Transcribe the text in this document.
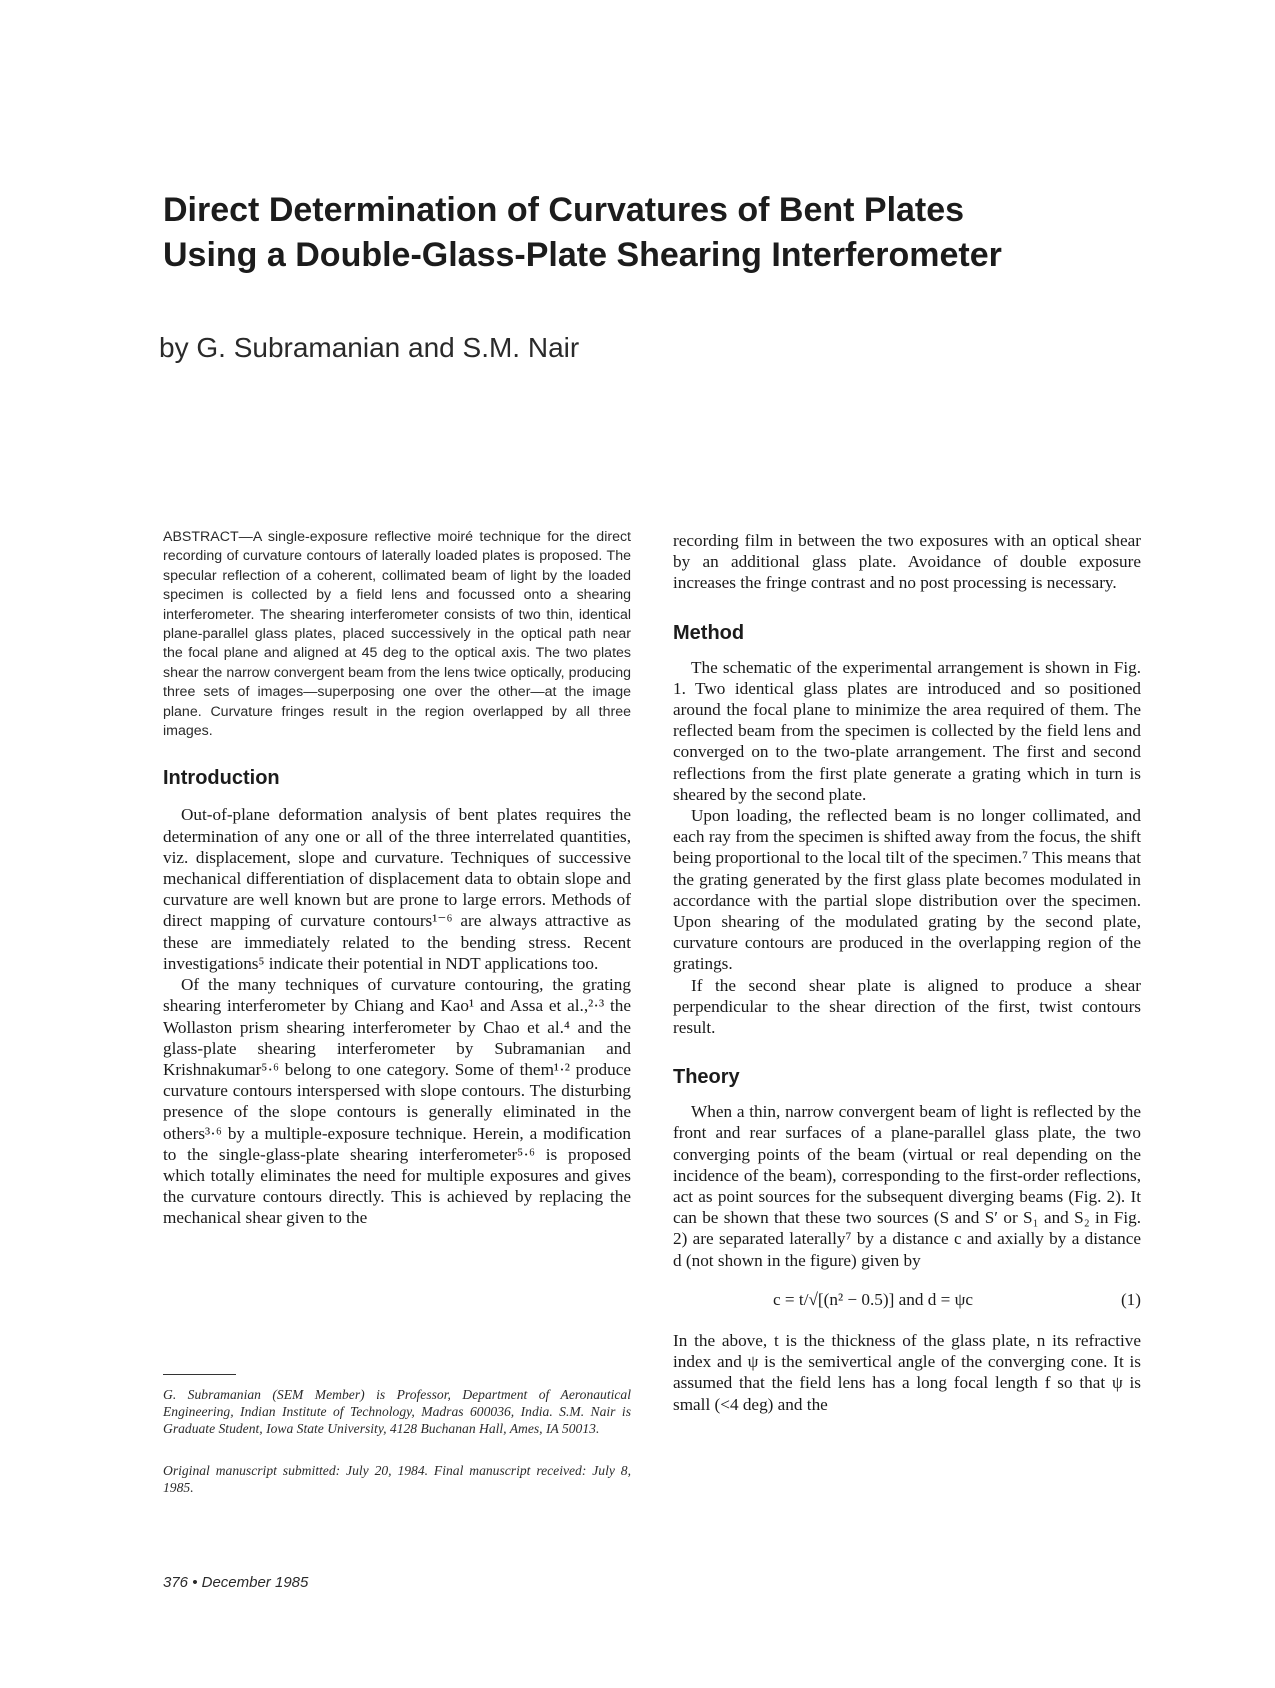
Direct Determination of Curvatures of Bent Plates
Using a Double-Glass-Plate Shearing Interferometer

by G. Subramanian and S.M. Nair

ABSTRACT—A single-exposure reflective moiré technique for the direct recording of curvature contours of laterally loaded plates is proposed. The specular reflection of a coherent, collimated beam of light by the loaded specimen is collected by a field lens and focussed onto a shearing interferometer. The shearing interferometer consists of two thin, identical plane-parallel glass plates, placed successively in the optical path near the focal plane and aligned at 45 deg to the optical axis. The two plates shear the narrow convergent beam from the lens twice optically, producing three sets of images—superposing one over the other—at the image plane. Curvature fringes result in the region overlapped by all three images.

Introduction

Out-of-plane deformation analysis of bent plates requires the determination of any one or all of the three interrelated quantities, viz. displacement, slope and curvature. Techniques of successive mechanical differentiation of displacement data to obtain slope and curvature are well known but are prone to large errors. Methods of direct mapping of curvature contours¹⁻⁶ are always attractive as these are immediately related to the bending stress. Recent investigations⁵ indicate their potential in NDT applications too.

Of the many techniques of curvature contouring, the grating shearing interferometer by Chiang and Kao¹ and Assa et al.,²·³ the Wollaston prism shearing interferometer by Chao et al.⁴ and the glass-plate shearing interferometer by Subramanian and Krishnakumar⁵·⁶ belong to one category. Some of them¹·² produce curvature contours interspersed with slope contours. The disturbing presence of the slope contours is generally eliminated in the others³·⁶ by a multiple-exposure technique. Herein, a modification to the single-glass-plate shearing interferometer⁵·⁶ is proposed which totally eliminates the need for multiple exposures and gives the curvature contours directly. This is achieved by replacing the mechanical shear given to the

G. Subramanian (SEM Member) is Professor, Department of Aeronautical Engineering, Indian Institute of Technology, Madras 600036, India. S.M. Nair is Graduate Student, Iowa State University, 4128 Buchanan Hall, Ames, IA 50013.

Original manuscript submitted: July 20, 1984. Final manuscript received: July 8, 1985.

recording film in between the two exposures with an optical shear by an additional glass plate. Avoidance of double exposure increases the fringe contrast and no post processing is necessary.

Method

The schematic of the experimental arrangement is shown in Fig. 1. Two identical glass plates are introduced and so positioned around the focal plane to minimize the area required of them. The reflected beam from the specimen is collected by the field lens and converged on to the two-plate arrangement. The first and second reflections from the first plate generate a grating which in turn is sheared by the second plate.

Upon loading, the reflected beam is no longer collimated, and each ray from the specimen is shifted away from the focus, the shift being proportional to the local tilt of the specimen.⁷ This means that the grating generated by the first glass plate becomes modulated in accordance with the partial slope distribution over the specimen. Upon shearing of the modulated grating by the second plate, curvature contours are produced in the overlapping region of the gratings.

If the second shear plate is aligned to produce a shear perpendicular to the shear direction of the first, twist contours result.

Theory

When a thin, narrow convergent beam of light is reflected by the front and rear surfaces of a plane-parallel glass plate, the two converging points of the beam (virtual or real depending on the incidence of the beam), corresponding to the first-order reflections, act as point sources for the subsequent diverging beams (Fig. 2). It can be shown that these two sources (S and S′ or S₁ and S₂ in Fig. 2) are separated laterally⁷ by a distance c and axially by a distance d (not shown in the figure) given by

c = t/√[(n² − 0.5)] and d = ψc	(1)

In the above, t is the thickness of the glass plate, n its refractive index and ψ is the semivertical angle of the converging cone. It is assumed that the field lens has a long focal length f so that ψ is small (<4 deg) and the

376 • December 1985
